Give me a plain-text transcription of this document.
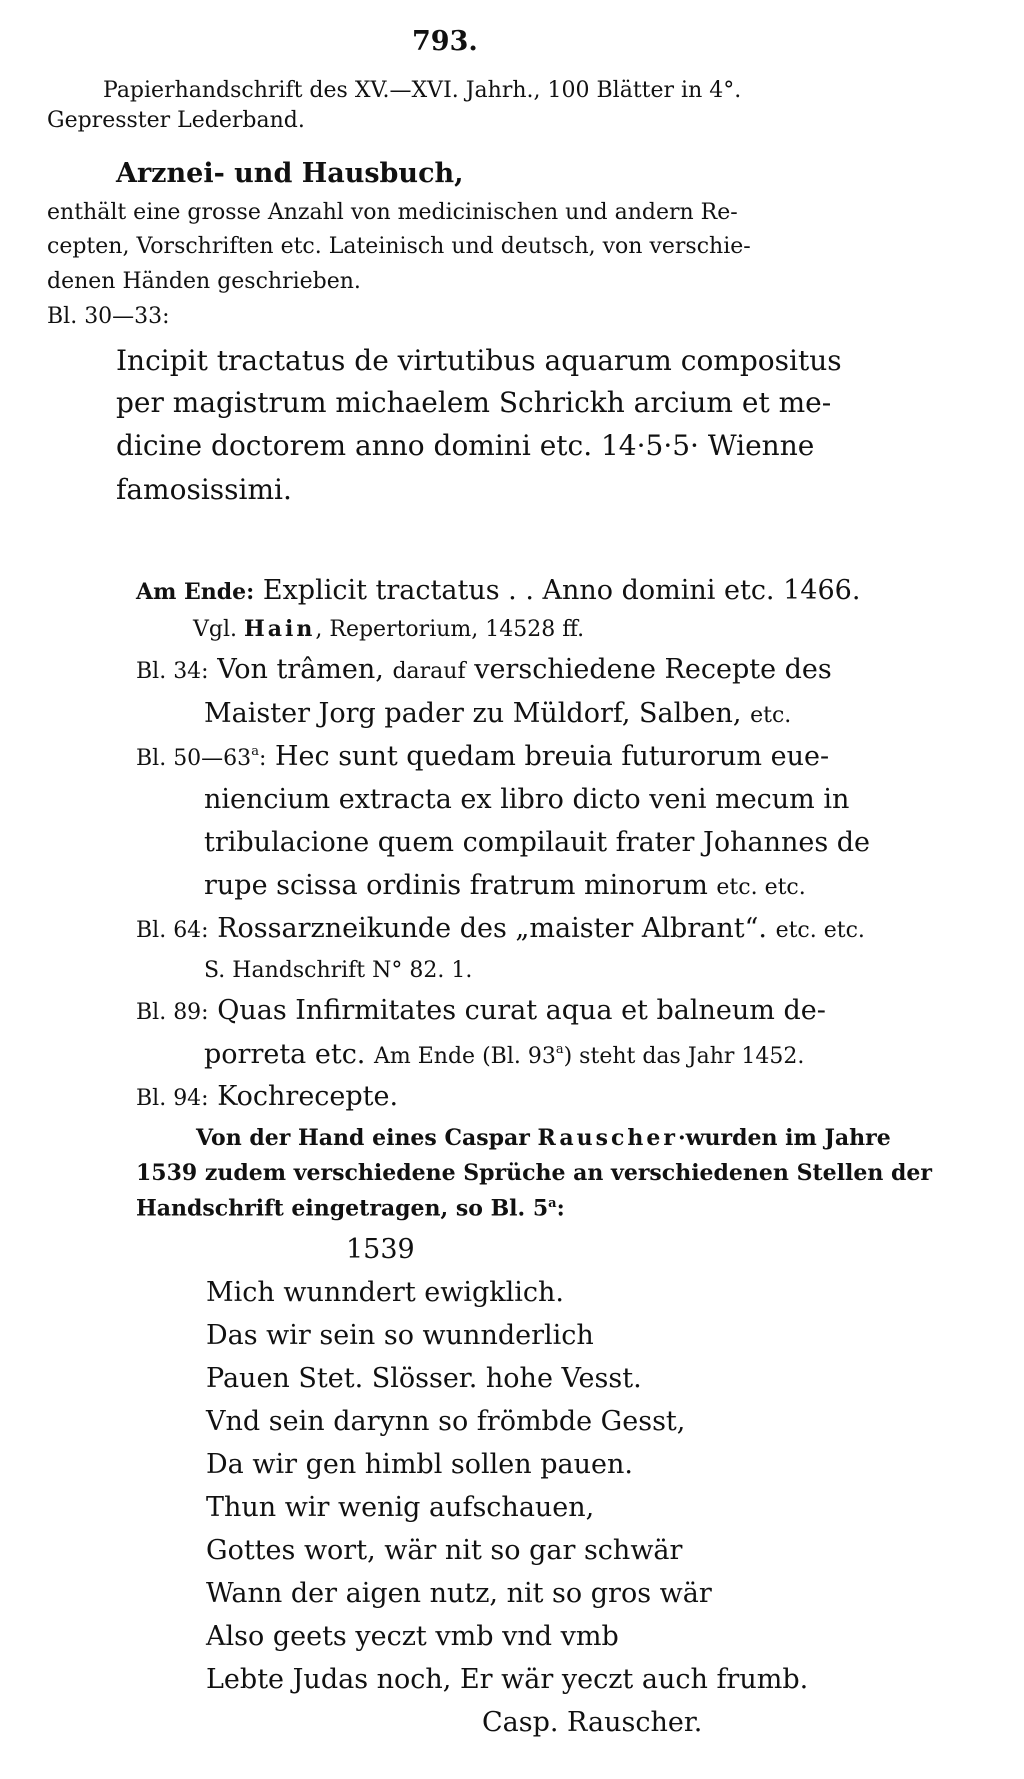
793.
Papierhandschrift des XV.—XVI. Jahrh., 100 Blätter in 4°.
Gepresster Lederband.
Arznei- und Hausbuch,
enthält eine grosse Anzahl von medicinischen und andern Re-
cepten, Vorschriften etc. Lateinisch und deutsch, von verschie-
denen Händen geschrieben.
Bl. 30—33:
Incipit tractatus de virtutibus aquarum compositus
per magistrum michaelem Schrickh arcium et me-
dicine doctorem anno domini etc. 14·5·5· Wienne
famosissimi.
Am Ende: Explicit tractatus . . Anno domini etc. 1466.
Vgl. Hain, Repertorium, 14528 ff.
Bl. 34: Von trâmen, darauf verschiedene Recepte des
Maister Jorg pader zu Müldorf, Salben, etc.
Bl. 50—63$^a$: Hec sunt quedam breuia futurorum eue-
niencium extracta ex libro dicto veni mecum in
tribulacione quem compilauit frater Johannes de
rupe scissa ordinis fratrum minorum etc. etc.
Bl. 64: Rossarzneikunde des „maister Albrant“. etc. etc.
S. Handschrift N° 82. 1.
Bl. 89: Quas Infirmitates curat aqua et balneum de-
porreta etc. Am Ende (Bl. 93$^a$) steht das Jahr 1452.
Bl. 94: Kochrecepte.
Von der Hand eines Caspar Rauscher·wurden im Jahre
1539 zudem verschiedene Sprüche an verschiedenen Stellen der
Handschrift eingetragen, so Bl. 5$^a$:
1539
Mich wunndert ewigklich.
Das wir sein so wunnderlich
Pauen Stet. Slösser. hohe Vesst.
Vnd sein darynn so frömbde Gesst,
Da wir gen himbl sollen pauen.
Thun wir wenig aufschauen,
Gottes wort, wär nit so gar schwär
Wann der aigen nutz, nit so gros wär
Also geets yeczt vmb vnd vmb
Lebte Judas noch, Er wär yeczt auch frumb.
Casp. Rauscher.
